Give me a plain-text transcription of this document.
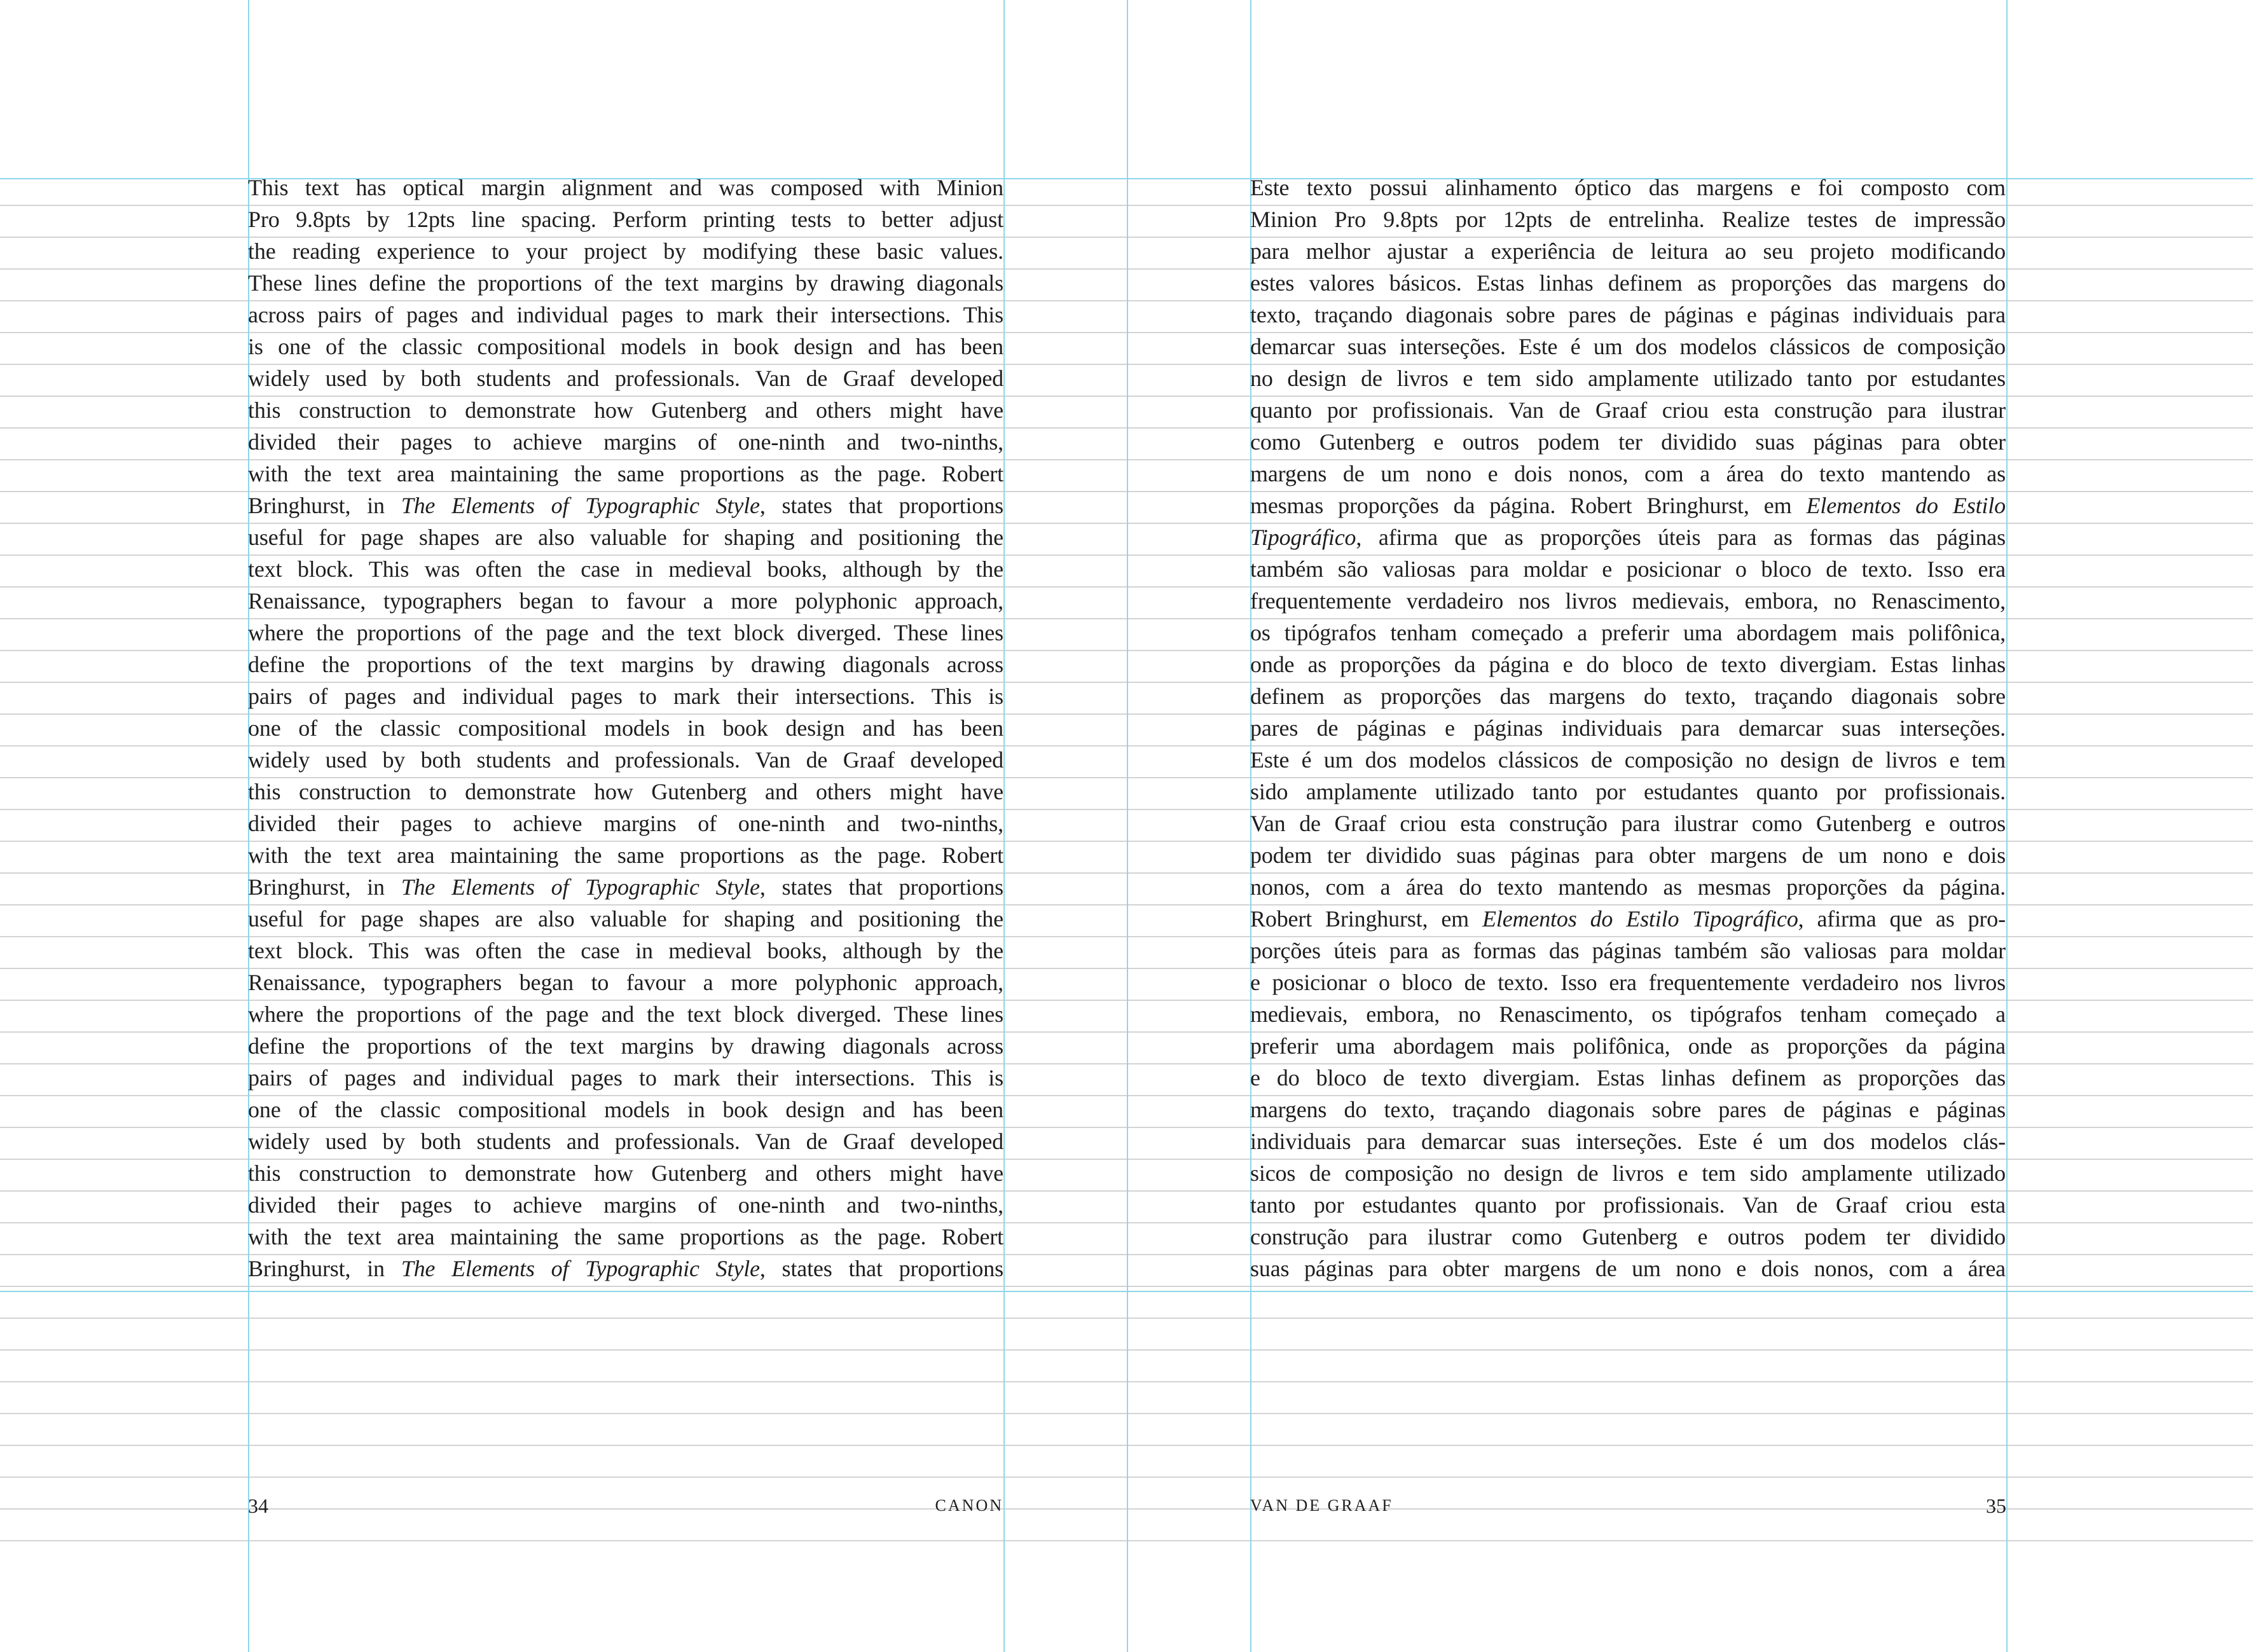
This text has optical margin alignment and was composed with Minion
Pro 9.8pts by 12pts line spacing. Perform printing tests to better adjust
the reading experience to your project by modifying these basic values.
These lines define the proportions of the text margins by drawing diagonals
across pairs of pages and individual pages to mark their intersections. This
is one of the classic compositional models in book design and has been
widely used by both students and professionals. Van de Graaf developed
this construction to demonstrate how Gutenberg and others might have
divided their pages to achieve margins of one-ninth and two-ninths,
with the text area maintaining the same proportions as the page. Robert
Bringhurst, in The Elements of Typographic Style, states that proportions
useful for page shapes are also valuable for shaping and positioning the
text block. This was often the case in medieval books, although by the
Renaissance, typographers began to favour a more polyphonic approach,
where the proportions of the page and the text block diverged. These lines
define the proportions of the text margins by drawing diagonals across
pairs of pages and individual pages to mark their intersections. This is
one of the classic compositional models in book design and has been
widely used by both students and professionals. Van de Graaf developed
this construction to demonstrate how Gutenberg and others might have
divided their pages to achieve margins of one-ninth and two-ninths,
with the text area maintaining the same proportions as the page. Robert
Bringhurst, in The Elements of Typographic Style, states that proportions
useful for page shapes are also valuable for shaping and positioning the
text block. This was often the case in medieval books, although by the
Renaissance, typographers began to favour a more polyphonic approach,
where the proportions of the page and the text block diverged. These lines
define the proportions of the text margins by drawing diagonals across
pairs of pages and individual pages to mark their intersections. This is
one of the classic compositional models in book design and has been
widely used by both students and professionals. Van de Graaf developed
this construction to demonstrate how Gutenberg and others might have
divided their pages to achieve margins of one-ninth and two-ninths,
with the text area maintaining the same proportions as the page. Robert
Bringhurst, in The Elements of Typographic Style, states that proportions
Este texto possui alinhamento óptico das margens e foi composto com
Minion Pro 9.8pts por 12pts de entrelinha. Realize testes de impressão
para melhor ajustar a experiência de leitura ao seu projeto modificando
estes valores básicos. Estas linhas definem as proporções das margens do
texto, traçando diagonais sobre pares de páginas e páginas individuais para
demarcar suas interseções. Este é um dos modelos clássicos de composição
no design de livros e tem sido amplamente utilizado tanto por estudantes
quanto por profissionais. Van de Graaf criou esta construção para ilustrar
como Gutenberg e outros podem ter dividido suas páginas para obter
margens de um nono e dois nonos, com a área do texto mantendo as
mesmas proporções da página. Robert Bringhurst, em Elementos do Estilo
Tipográfico, afirma que as proporções úteis para as formas das páginas
também são valiosas para moldar e posicionar o bloco de texto. Isso era
frequentemente verdadeiro nos livros medievais, embora, no Renascimento,
os tipógrafos tenham começado a preferir uma abordagem mais polifônica,
onde as proporções da página e do bloco de texto divergiam. Estas linhas
definem as proporções das margens do texto, traçando diagonais sobre
pares de páginas e páginas individuais para demarcar suas interseções.
Este é um dos modelos clássicos de composição no design de livros e tem
sido amplamente utilizado tanto por estudantes quanto por profissionais.
Van de Graaf criou esta construção para ilustrar como Gutenberg e outros
podem ter dividido suas páginas para obter margens de um nono e dois
nonos, com a área do texto mantendo as mesmas proporções da página.
Robert Bringhurst, em Elementos do Estilo Tipográfico, afirma que as pro-
porções úteis para as formas das páginas também são valiosas para moldar
e posicionar o bloco de texto. Isso era frequentemente verdadeiro nos livros
medievais, embora, no Renascimento, os tipógrafos tenham começado a
preferir uma abordagem mais polifônica, onde as proporções da página
e do bloco de texto divergiam. Estas linhas definem as proporções das
margens do texto, traçando diagonais sobre pares de páginas e páginas
individuais para demarcar suas interseções. Este é um dos modelos clás-
sicos de composição no design de livros e tem sido amplamente utilizado
tanto por estudantes quanto por profissionais. Van de Graaf criou esta
construção para ilustrar como Gutenberg e outros podem ter dividido
suas páginas para obter margens de um nono e dois nonos, com a área
34	CANON	VAN DE GRAAF	35
